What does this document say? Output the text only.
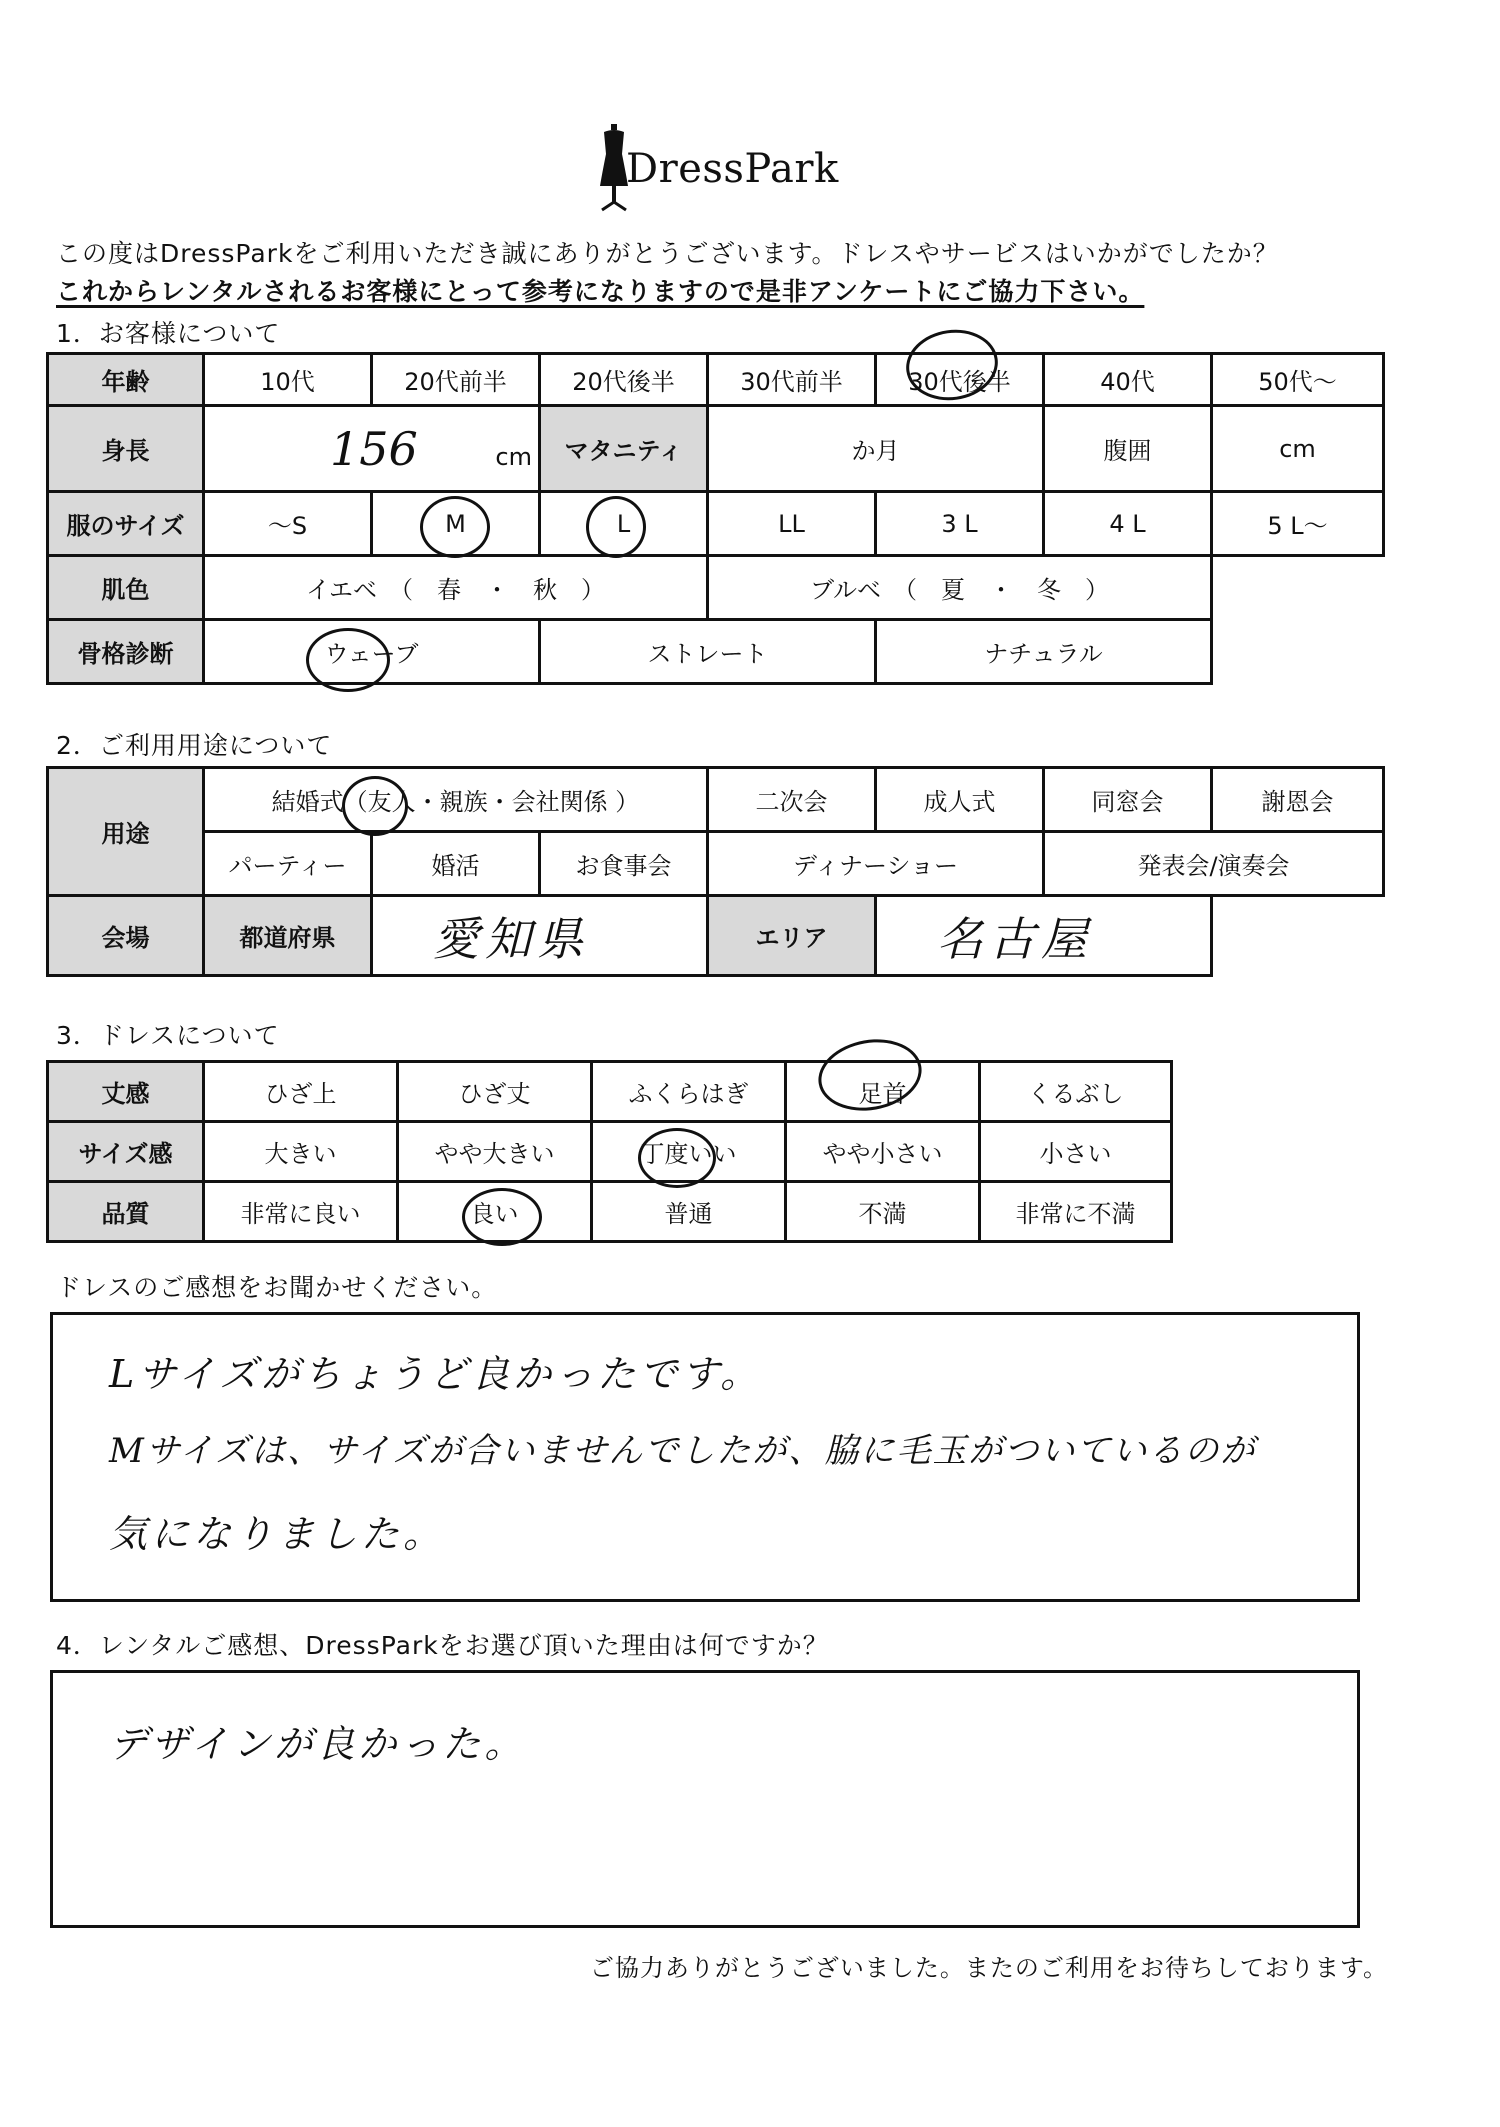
DressPark
この度はDressParkをご利用いただき誠にありがとうございます。ドレスやサービスはいかがでしたか？
これからレンタルされるお客様にとって参考になりますので是非アンケートにご協力下さい。
1．お客様について
年齢	10代	20代前半	20代後半	30代前半	30代後半	40代	50代〜
身長	156 cm		マタニティ	か月		腹囲	cm
服のサイズ	〜S	M	L	LL	3 L	4 L	5 L〜
肌色	イエベ　（　春　・　秋　）			ブルベ　（　夏　・　冬　）			
骨格診断	ウェーブ		ストレート		ナチュラル		
2．ご利用用途について
用途	結婚式（友人・親族・会社関係 ）			二次会	成人式	同窓会	謝恩会
	パーティー	婚活	お食事会	ディナーショー		発表会/演奏会	
会場	都道府県	愛知県		エリア	名古屋		
3．ドレスについて
丈感	ひざ上	ひざ丈	ふくらはぎ	足首	くるぶし
サイズ感	大きい	やや大きい	丁度いい	やや小さい	小さい
品質	非常に良い	良い	普通	不満	非常に不満
ドレスのご感想をお聞かせください。
Lサイズがちょうど良かったです。
Mサイズは、サイズが合いませんでしたが、脇に毛玉がついているのが
気になりました。
4．レンタルご感想、DressParkをお選び頂いた理由は何ですか？
デザインが良かった。
ご協力ありがとうございました。またのご利用をお待ちしております。
